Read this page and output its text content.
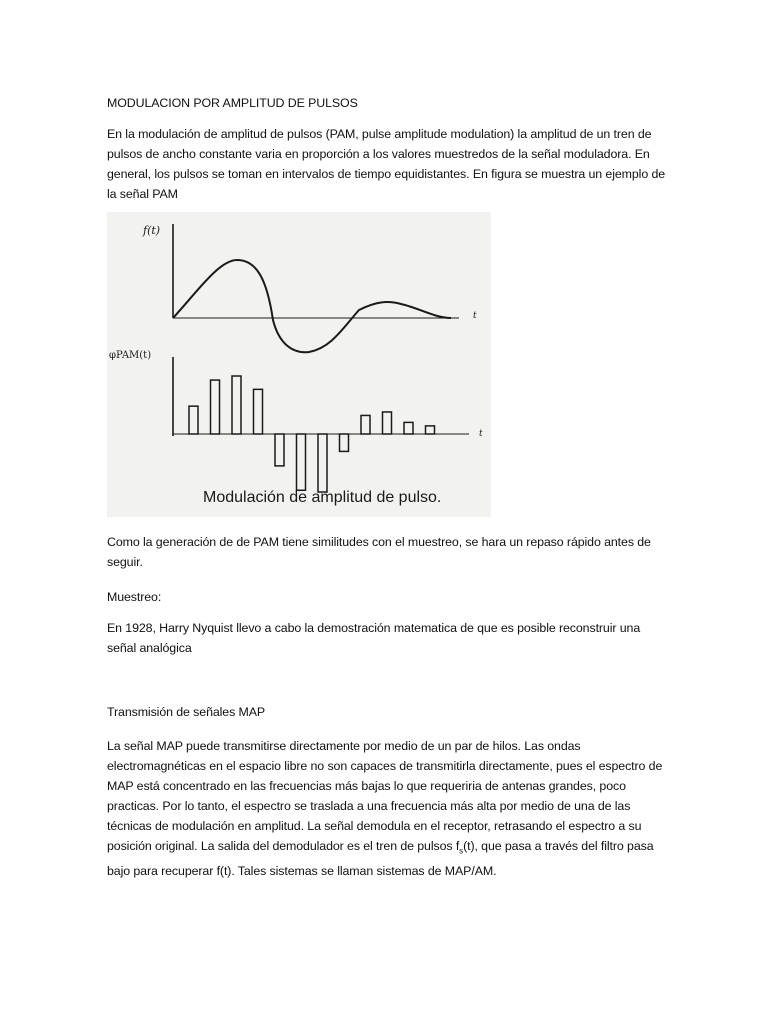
MODULACION POR AMPLITUD DE PULSOS

En la modulación de amplitud de pulsos (PAM, pulse amplitude modulation) la amplitud de un tren de pulsos de ancho constante varia en proporción a los valores muestredos de la señal moduladora. En general, los pulsos se toman en intervalos de tiempo equidistantes. En figura se muestra un ejemplo de la señal PAM

f(t)
t
φPAM(t)
t
Modulación de amplitud de pulso.

Como la generación de de PAM tiene similitudes con el muestreo, se hara un repaso rápido antes de seguir.

Muestreo:

En 1928, Harry Nyquist llevo a cabo la demostración matematica de que es posible reconstruir una señal analógica

Transmisión de señales MAP

La señal MAP puede transmitirse directamente por medio de un par de hilos. Las ondas electromagnéticas en el espacio libre no son capaces de transmitirla directamente, pues el espectro de MAP está concentrado en las frecuencias más bajas lo que requeriria de antenas grandes, poco practicas. Por lo tanto, el espectro se traslada a una frecuencia más alta por medio de una de las técnicas de modulación en amplitud. La señal demodula en el receptor, retrasando el espectro a su posición original. La salida del demodulador es el tren de pulsos $f_s(t)$, que pasa a través del filtro pasa bajo para recuperar f(t). Tales sistemas se llaman sistemas de MAP/AM.
